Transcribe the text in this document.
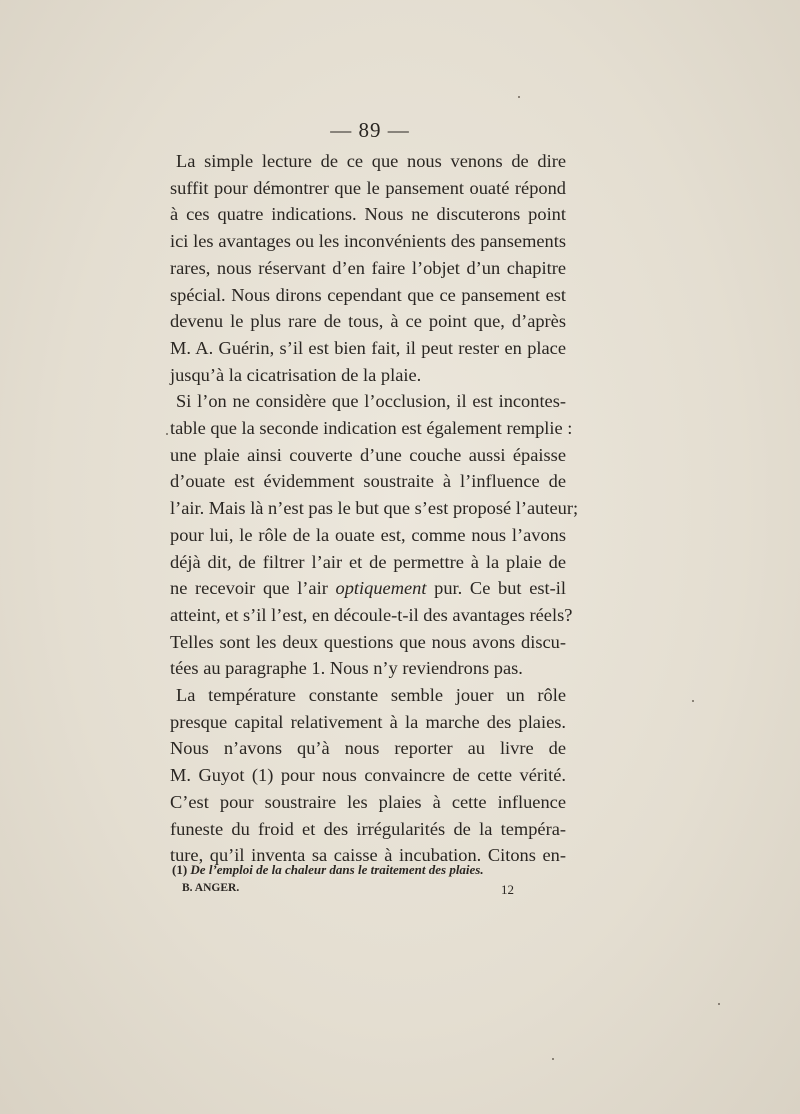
— 89 —

La simple lecture de ce que nous venons de dire
suffit pour démontrer que le pansement ouaté répond
à ces quatre indications. Nous ne discuterons point
ici les avantages ou les inconvénients des pansements
rares, nous réservant d’en faire l’objet d’un chapitre
spécial. Nous dirons cependant que ce pansement est
devenu le plus rare de tous, à ce point que, d’après
M. A. Guérin, s’il est bien fait, il peut rester en place
jusqu’à la cicatrisation de la plaie.

Si l’on ne considère que l’occlusion, il est incontes-
table que la seconde indication est également remplie :
une plaie ainsi couverte d’une couche aussi épaisse
d’ouate est évidemment soustraite à l’influence de
l’air. Mais là n’est pas le but que s’est proposé l’auteur;
pour lui, le rôle de la ouate est, comme nous l’avons
déjà dit, de filtrer l’air et de permettre à la plaie de
ne recevoir que l’air optiquement pur. Ce but est-il
atteint, et s’il l’est, en découle-t-il des avantages réels?
Telles sont les deux questions que nous avons discu-
tées au paragraphe 1. Nous n’y reviendrons pas.

La température constante semble jouer un rôle
presque capital relativement à la marche des plaies.
Nous n’avons qu’à nous reporter au livre de
M. Guyot (1) pour nous convaincre de cette vérité.
C’est pour soustraire les plaies à cette influence
funeste du froid et des irrégularités de la tempéra-
ture, qu’il inventa sa caisse à incubation. Citons en-

(1) De l’emploi de la chaleur dans le traitement des plaies.
B. ANGER.	12
